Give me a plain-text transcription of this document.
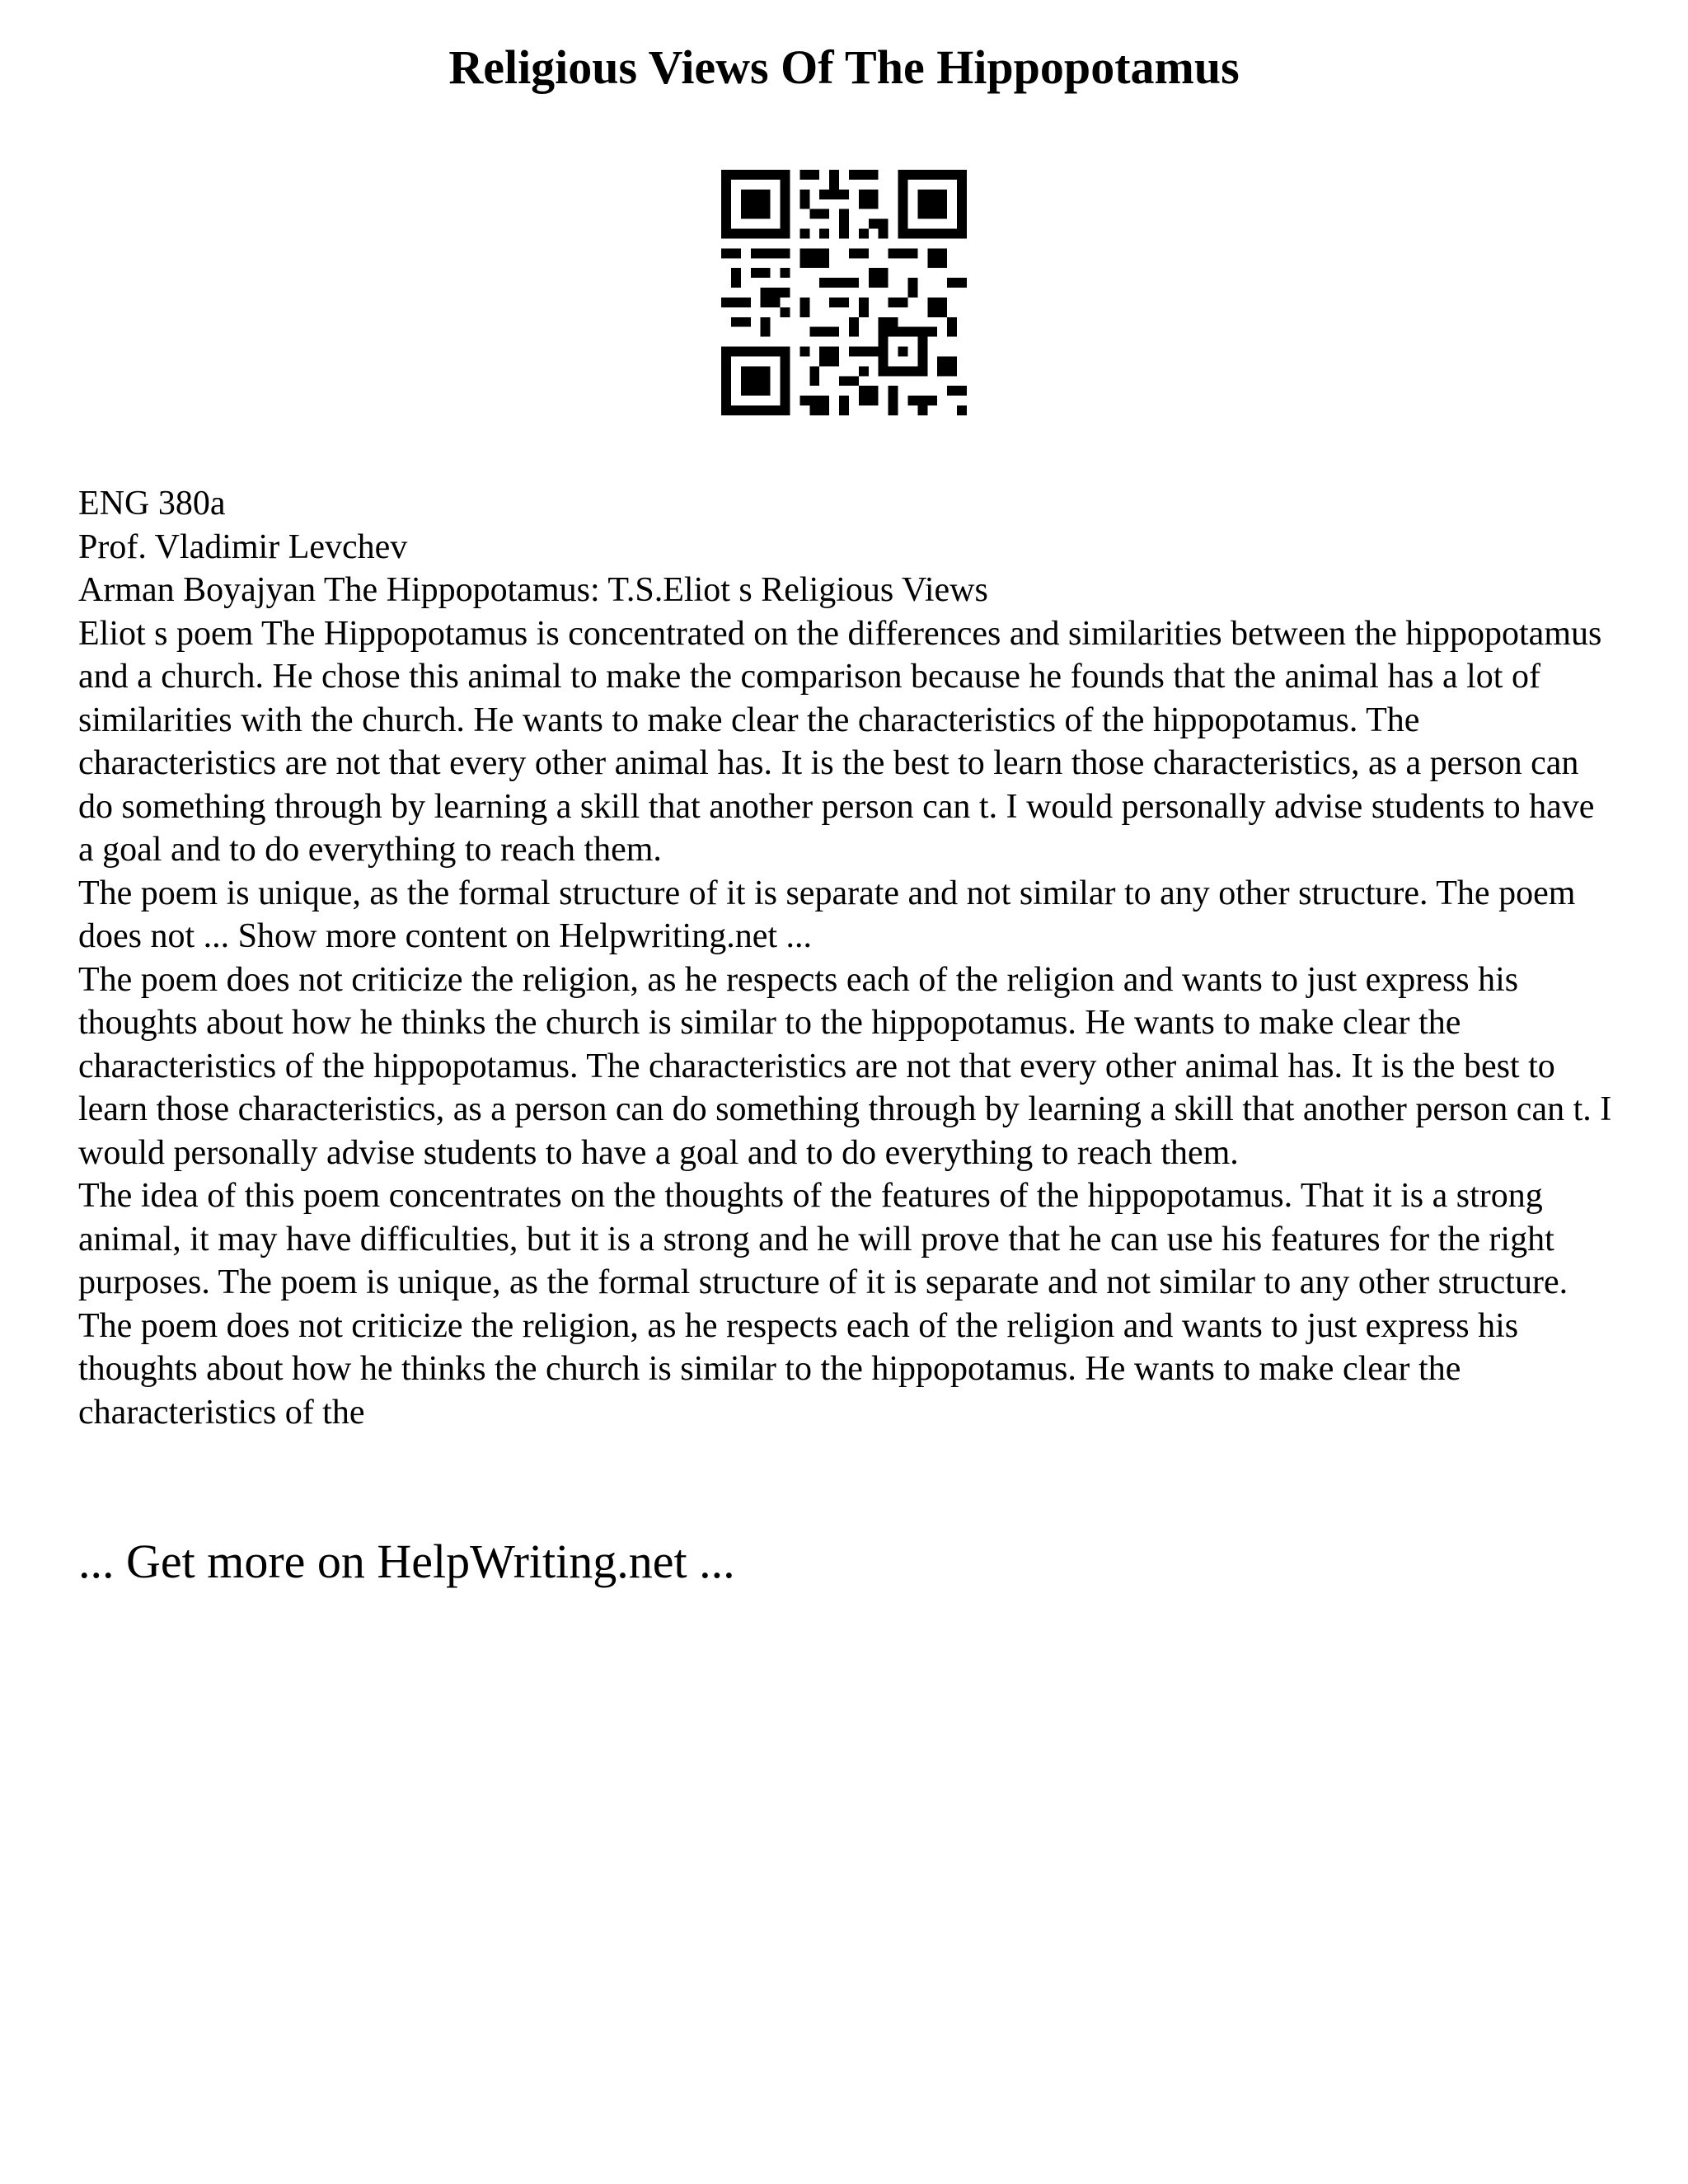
Religious Views Of The Hippopotamus

ENG 380a

Prof. Vladimir Levchev

Arman Boyajyan The Hippopotamus: T.S.Eliot s Religious Views

Eliot s poem The Hippopotamus is concentrated on the differences and similarities between the hippopotamus and a church. He chose this animal to make the comparison because he founds that the animal has a lot of similarities with the church. He wants to make clear the characteristics of the hippopotamus. The characteristics are not that every other animal has. It is the best to learn those characteristics, as a person can do something through by learning a skill that another person can t. I would personally advise students to have a goal and to do everything to reach them.

The poem is unique, as the formal structure of it is separate and not similar to any other structure. The poem does not ... Show more content on Helpwriting.net ...

The poem does not criticize the religion, as he respects each of the religion and wants to just express his thoughts about how he thinks the church is similar to the hippopotamus. He wants to make clear the characteristics of the hippopotamus. The characteristics are not that every other animal has. It is the best to learn those characteristics, as a person can do something through by learning a skill that another person can t. I would personally advise students to have a goal and to do everything to reach them.

The idea of this poem concentrates on the thoughts of the features of the hippopotamus. That it is a strong animal, it may have difficulties, but it is a strong and he will prove that he can use his features for the right purposes. The poem is unique, as the formal structure of it is separate and not similar to any other structure. The poem does not criticize the religion, as he respects each of the religion and wants to just express his thoughts about how he thinks the church is similar to the hippopotamus. He wants to make clear the characteristics of the

... Get more on HelpWriting.net ...
